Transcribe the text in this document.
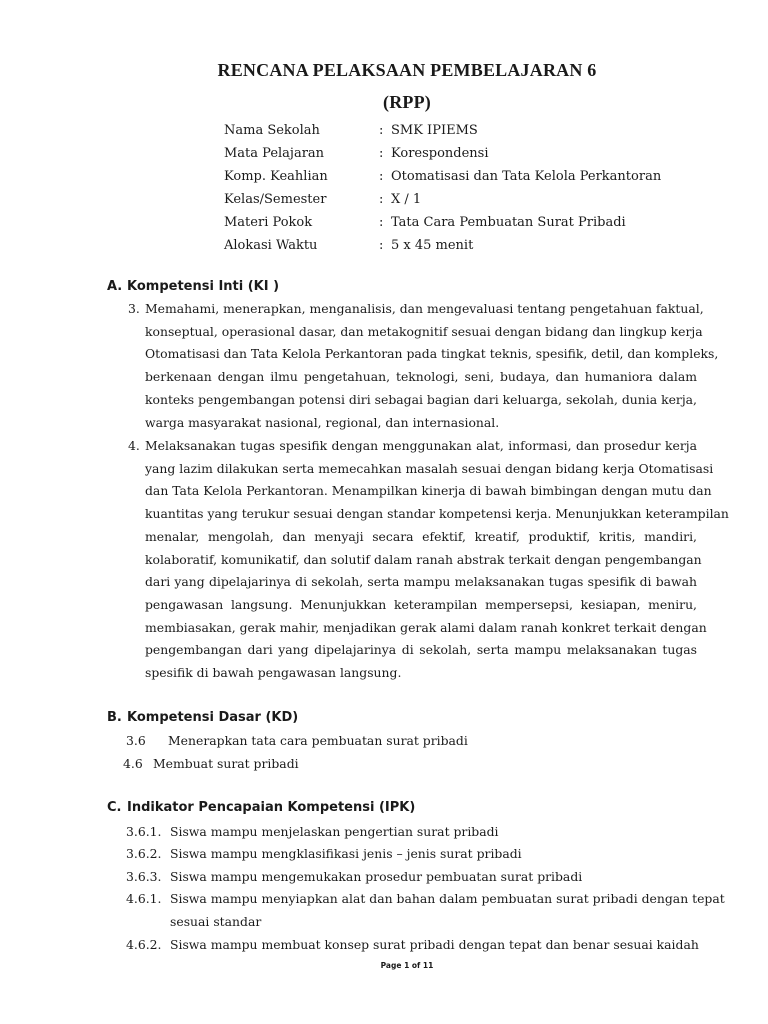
RENCANA PELAKSAAN PEMBELAJARAN 6
(RPP)
Nama Sekolah	: SMK IPIEMS
Mata Pelajaran	: Korespondensi
Komp. Keahlian	: Otomatisasi dan Tata Kelola Perkantoran
Kelas/Semester	: X / 1
Materi Pokok	: Tata Cara Pembuatan Surat Pribadi
Alokasi Waktu	: 5 x 45 menit
A. Kompetensi Inti (KI )
3. Memahami, menerapkan, menganalisis, dan mengevaluasi tentang pengetahuan faktual,
konseptual, operasional dasar, dan metakognitif sesuai dengan bidang dan lingkup kerja
Otomatisasi dan Tata Kelola Perkantoran pada tingkat teknis, spesifik, detil, dan kompleks,
berkenaan dengan ilmu pengetahuan, teknologi, seni, budaya, dan humaniora dalam
konteks pengembangan potensi diri sebagai bagian dari keluarga, sekolah, dunia kerja,
warga masyarakat nasional, regional, dan internasional.
4. Melaksanakan tugas spesifik dengan menggunakan alat, informasi, dan prosedur kerja
yang lazim dilakukan serta memecahkan masalah sesuai dengan bidang kerja Otomatisasi
dan Tata Kelola Perkantoran. Menampilkan kinerja di bawah bimbingan dengan mutu dan
kuantitas yang terukur sesuai dengan standar kompetensi kerja. Menunjukkan keterampilan
menalar, mengolah, dan menyaji secara efektif, kreatif, produktif, kritis, mandiri,
kolaboratif, komunikatif, dan solutif dalam ranah abstrak terkait dengan pengembangan
dari yang dipelajarinya di sekolah, serta mampu melaksanakan tugas spesifik di bawah
pengawasan langsung. Menunjukkan keterampilan mempersepsi, kesiapan, meniru,
membiasakan, gerak mahir, menjadikan gerak alami dalam ranah konkret terkait dengan
pengembangan dari yang dipelajarinya di sekolah, serta mampu melaksanakan tugas
spesifik di bawah pengawasan langsung.
B. Kompetensi Dasar (KD)
3.6 Menerapkan tata cara pembuatan surat pribadi
4.6 Membuat surat pribadi
C. Indikator Pencapaian Kompetensi (IPK)
3.6.1. Siswa mampu menjelaskan pengertian surat pribadi
3.6.2. Siswa mampu mengklasifikasi jenis – jenis surat pribadi
3.6.3. Siswa mampu mengemukakan prosedur pembuatan surat pribadi
4.6.1. Siswa mampu menyiapkan alat dan bahan dalam pembuatan surat pribadi dengan tepat
sesuai standar
4.6.2. Siswa mampu membuat konsep surat pribadi dengan tepat dan benar sesuai kaidah
Page 1 of 11
